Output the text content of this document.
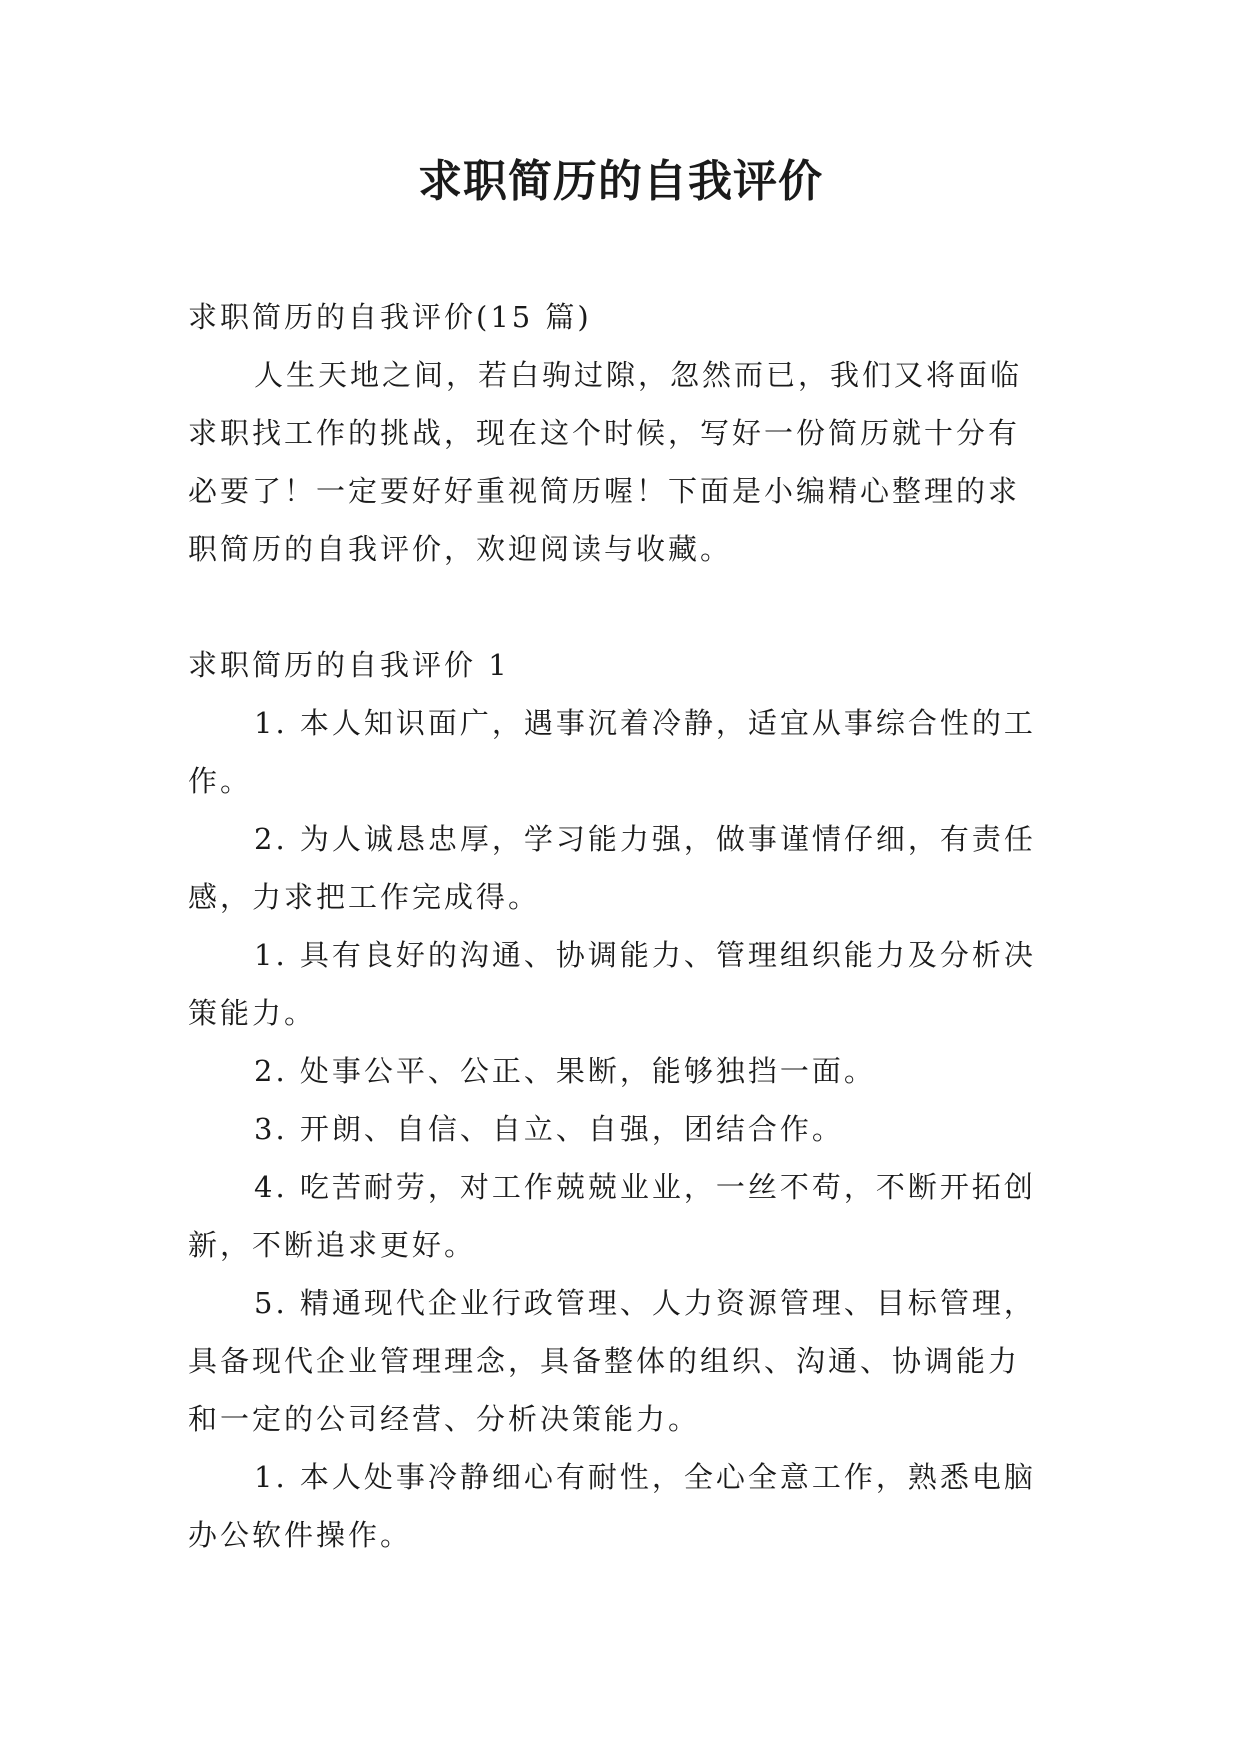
求职简历的自我评价

求职简历的自我评价(15 篇)

人生天地之间，若白驹过隙，忽然而已，我们又将面临求职找工作的挑战，现在这个时候，写好一份简历就十分有必要了！一定要好好重视简历喔！下面是小编精心整理的求职简历的自我评价，欢迎阅读与收藏。

求职简历的自我评价 1

1. 本人知识面广，遇事沉着冷静，适宜从事综合性的工作。

2. 为人诚恳忠厚，学习能力强，做事谨情仔细，有责任感，力求把工作完成得。

1. 具有良好的沟通、协调能力、管理组织能力及分析决策能力。

2. 处事公平、公正、果断，能够独挡一面。

3. 开朗、自信、自立、自强，团结合作。

4. 吃苦耐劳，对工作兢兢业业，一丝不苟，不断开拓创新，不断追求更好。

5. 精通现代企业行政管理、人力资源管理、目标管理，具备现代企业管理理念，具备整体的组织、沟通、协调能力和一定的公司经营、分析决策能力。

1. 本人处事冷静细心有耐性，全心全意工作，熟悉电脑办公软件操作。
